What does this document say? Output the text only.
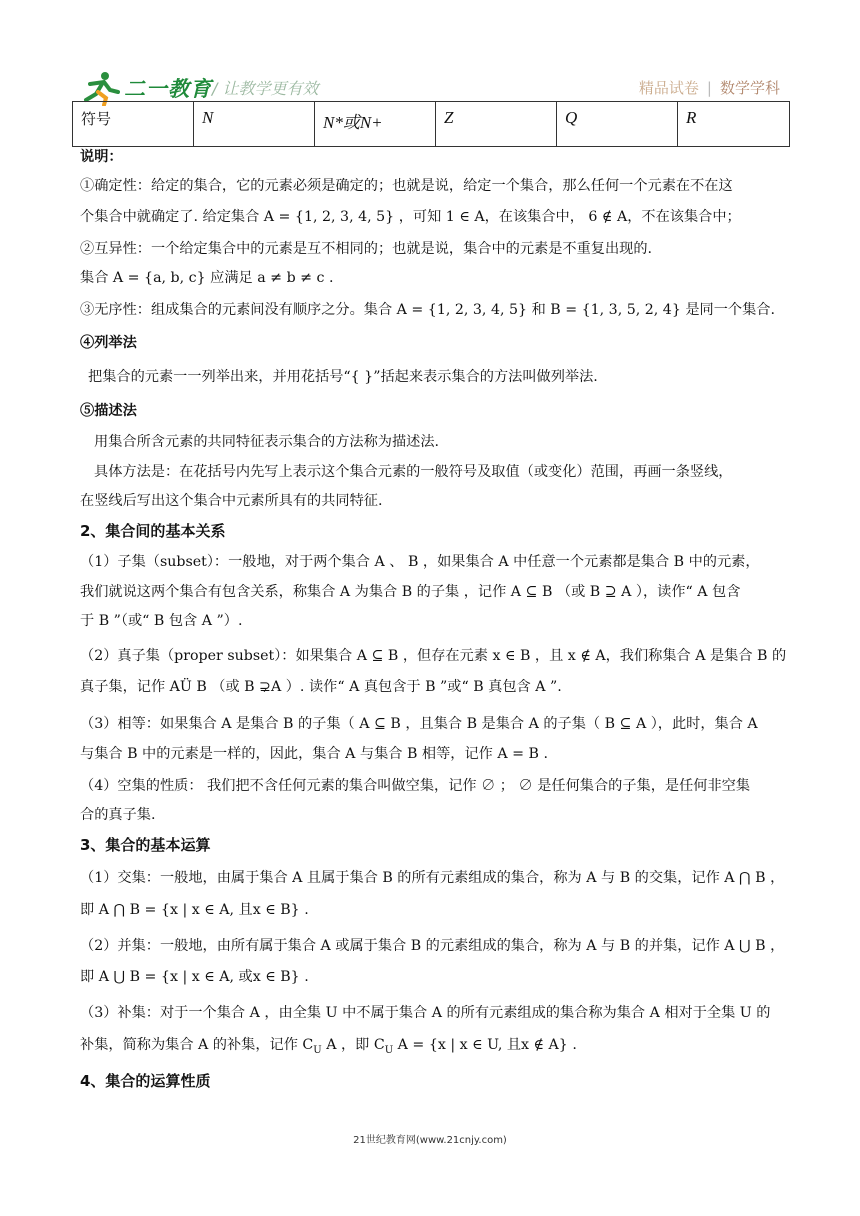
二一教育 / 让教学更有效	精品试卷 | 数学学科
符号	N	N*或N+	Z	Q	R
说明：
①确定性：给定的集合，它的元素必须是确定的；也就是说，给定一个集合，那么任何一个元素在不在这
个集合中就确定了. 给定集合 A = {1, 2, 3, 4, 5} ，可知 1 ∈ A，在该集合中， 6 ∉ A，不在该集合中；
②互异性：一个给定集合中的元素是互不相同的；也就是说，集合中的元素是不重复出现的.
集合 A = {a, b, c} 应满足 a ≠ b ≠ c .
③无序性：组成集合的元素间没有顺序之分。集合 A = {1, 2, 3, 4, 5} 和 B = {1, 3, 5, 2, 4} 是同一个集合.
④列举法
把集合的元素一一列举出来，并用花括号“{ }”括起来表示集合的方法叫做列举法.
⑤描述法
用集合所含元素的共同特征表示集合的方法称为描述法.
具体方法是：在花括号内先写上表示这个集合元素的一般符号及取值（或变化）范围，再画一条竖线，
在竖线后写出这个集合中元素所具有的共同特征.
2、集合间的基本关系
（1）子集（subset）：一般地，对于两个集合 A 、 B ，如果集合 A 中任意一个元素都是集合 B 中的元素，
我们就说这两个集合有包含关系，称集合 A 为集合 B 的子集 ，记作 A ⊆ B （或 B ⊇ A ），读作“ A 包含
于 B ”（或“ B 包含 A ”）.
（2）真子集（proper subset）：如果集合 A ⊆ B ，但存在元素 x ∈ B ，且 x ∉ A，我们称集合 A 是集合 B 的
真子集，记作 AÜ B （或 B ⊋A ）. 读作“ A 真包含于 B ”或“ B 真包含 A ”.
（3）相等：如果集合 A 是集合 B 的子集（ A ⊆ B ，且集合 B 是集合 A 的子集（ B ⊆ A ），此时，集合 A
与集合 B 中的元素是一样的，因此，集合 A 与集合 B 相等，记作 A = B .
（4）空集的性质： 我们把不含任何元素的集合叫做空集，记作 ∅ ； ∅ 是任何集合的子集，是任何非空集
合的真子集.
3、集合的基本运算
（1）交集：一般地，由属于集合 A 且属于集合 B 的所有元素组成的集合，称为 A 与 B 的交集，记作 A ⋂ B ，
即 A ⋂ B = {x | x ∈ A, 且x ∈ B} .
（2）并集：一般地，由所有属于集合 A 或属于集合 B 的元素组成的集合，称为 A 与 B 的并集，记作 A ⋃ B ，
即 A ⋃ B = {x | x ∈ A, 或x ∈ B} .
（3）补集：对于一个集合 A ，由全集 U 中不属于集合 A 的所有元素组成的集合称为集合 A 相对于全集 U 的
补集，简称为集合 A 的补集，记作 $C_U$ A ，即 $C_U$ A = {x | x ∈ U, 且x ∉ A} .
4、集合的运算性质
21世纪教育网(www.21cnjy.com)
